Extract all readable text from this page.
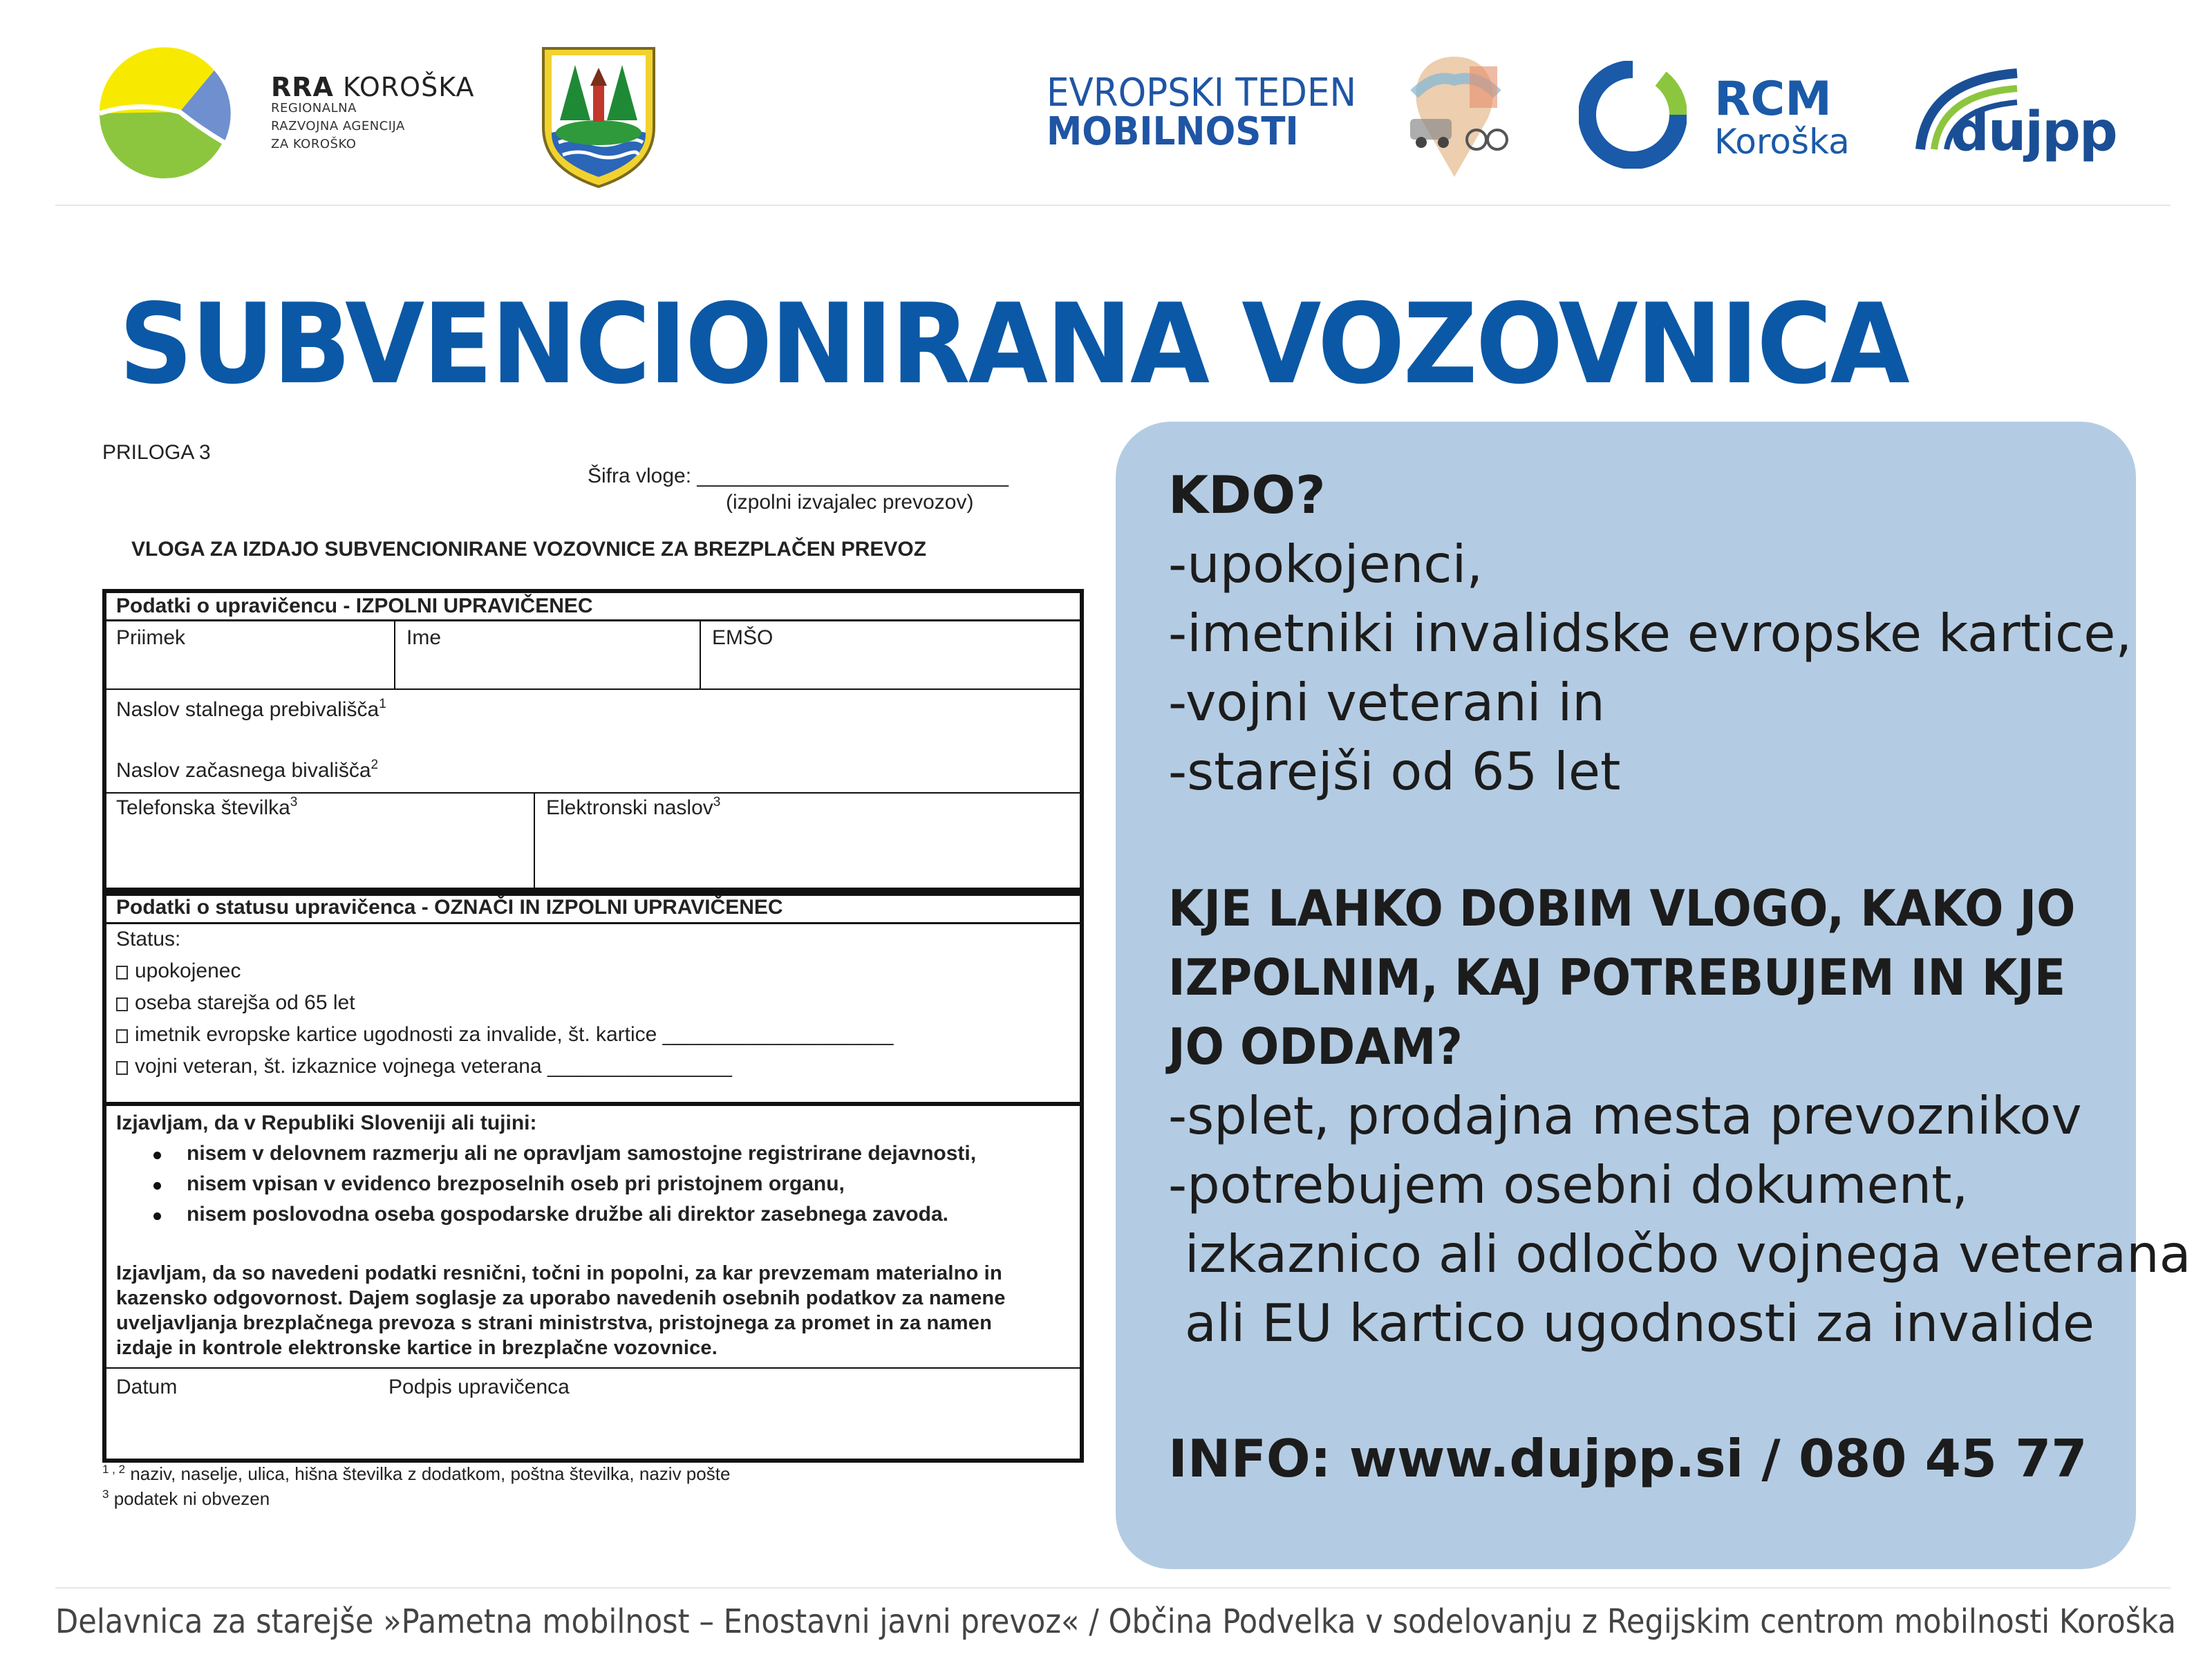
RRA KOROŠKA
REGIONALNA
RAZVOJNA AGENCIJA
ZA KOROŠKO
EVROPSKI TEDEN
MOBILNOSTI
RCM
Koroška dujpp
SUBVENCIONIRANA VOZOVNICA
PRILOGA 3
Šifra vloge: ___________________________
(izpolni izvajalec prevozov)
VLOGA ZA IZDAJO SUBVENCIONIRANE VOZOVNICE ZA BREZPLAČEN PREVOZ
Podatki o upravičencu - IZPOLNI UPRAVIČENEC
Priimek	Ime	EMŠO
Naslov stalnega prebivališča$^1$
Naslov začasnega bivališča$^2$
Telefonska številka$^3$	Elektronski naslov$^3$
Podatki o statusu upravičenca - OZNAČI IN IZPOLNI UPRAVIČENEC
Status:
upokojenec
oseba starejša od 65 let
imetnik evropske kartice ugodnosti za invalide, št. kartice ____________________
vojni veteran, št. izkaznice vojnega veterana ________________
Izjavljam, da v Republiki Sloveniji ali tujini:
nisem v delovnem razmerju ali ne opravljam samostojne registrirane dejavnosti,
nisem vpisan v evidenco brezposelnih oseb pri pristojnem organu,
nisem poslovodna oseba gospodarske družbe ali direktor zasebnega zavoda.
Izjavljam, da so navedeni podatki resnični, točni in popolni, za kar prevzemam materialno in
kazensko odgovornost. Dajem soglasje za uporabo navedenih osebnih podatkov za namene
uveljavljanja brezplačnega prevoza s strani ministrstva, pristojnega za promet in za namen
izdaje in kontrole elektronske kartice in brezplačne vozovnice.
Datum	Podpis upravičenca
$^{1 , 2}$ naziv, naselje, ulica, hišna številka z dodatkom, poštna številka, naziv pošte
$^3$ podatek ni obvezen
KDO?
-upokojenci,
-imetniki invalidske evropske kartice,
-vojni veterani in
-starejši od 65 let
KJE LAHKO DOBIM VLOGO, KAKO JO
IZPOLNIM, KAJ POTREBUJEM IN KJE
JO ODDAM?
-splet, prodajna mesta prevoznikov
-potrebujem osebni dokument,
izkaznico ali odločbo vojnega veterana
ali EU kartico ugodnosti za invalide
INFO: www.dujpp.si / 080 45 77
Delavnica za starejše »Pametna mobilnost – Enostavni javni prevoz« / Občina Podvelka v sodelovanju z Regijskim centrom mobilnosti Koroška
